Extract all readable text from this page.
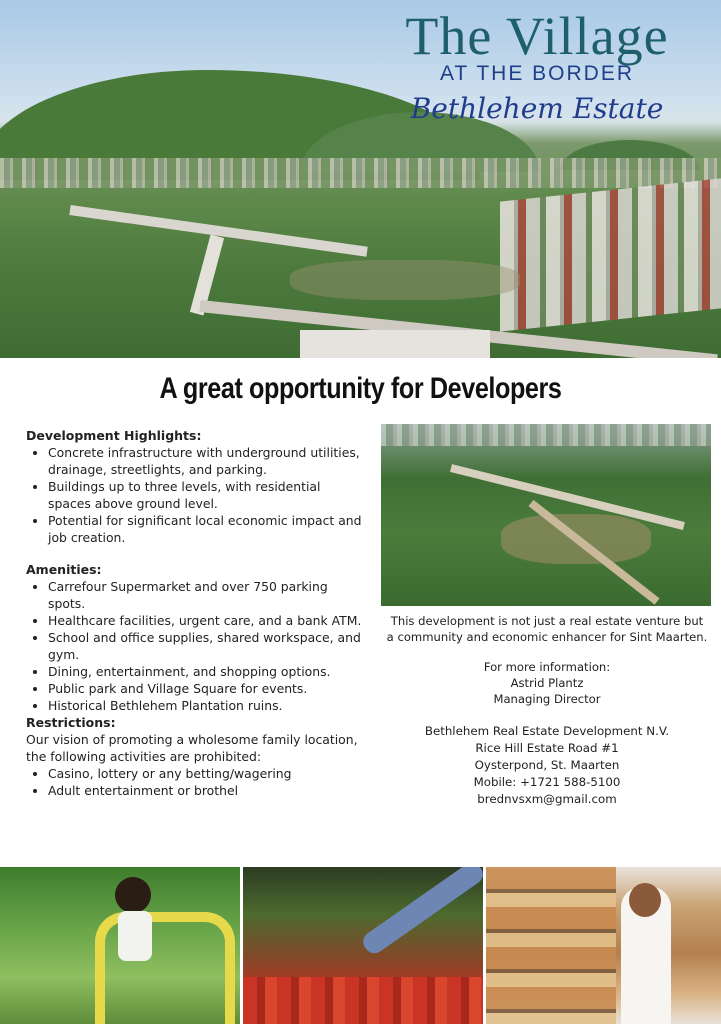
The Village
AT THE BORDER
Bethlehem Estate
A great opportunity for Developers

Development Highlights:

• Concrete infrastructure with underground utilities, drainage, streetlights, and parking.
• Buildings up to three levels, with residential spaces above ground level.
• Potential for significant local economic impact and job creation.

Amenities:

• Carrefour Supermarket and over 750 parking spots.
• Healthcare facilities, urgent care, and a bank ATM.
• School and office supplies, shared workspace, and gym.
• Dining, entertainment, and shopping options.
• Public park and Village Square for events.
• Historical Bethlehem Plantation ruins.

Restrictions:

Our vision of promoting a wholesome family location, the following activities are prohibited:

• Casino, lottery or any betting/wagering
• Adult entertainment or brothel

This development is not just a real estate venture but a community and economic enhancer for Sint Maarten.

For more information:

Astrid Plantz

Managing Director

Bethlehem Real Estate Development N.V.

Rice Hill Estate Road #1

Oysterpond, St. Maarten

Mobile: +1721 588-5100

brednvsxm@gmail.com
